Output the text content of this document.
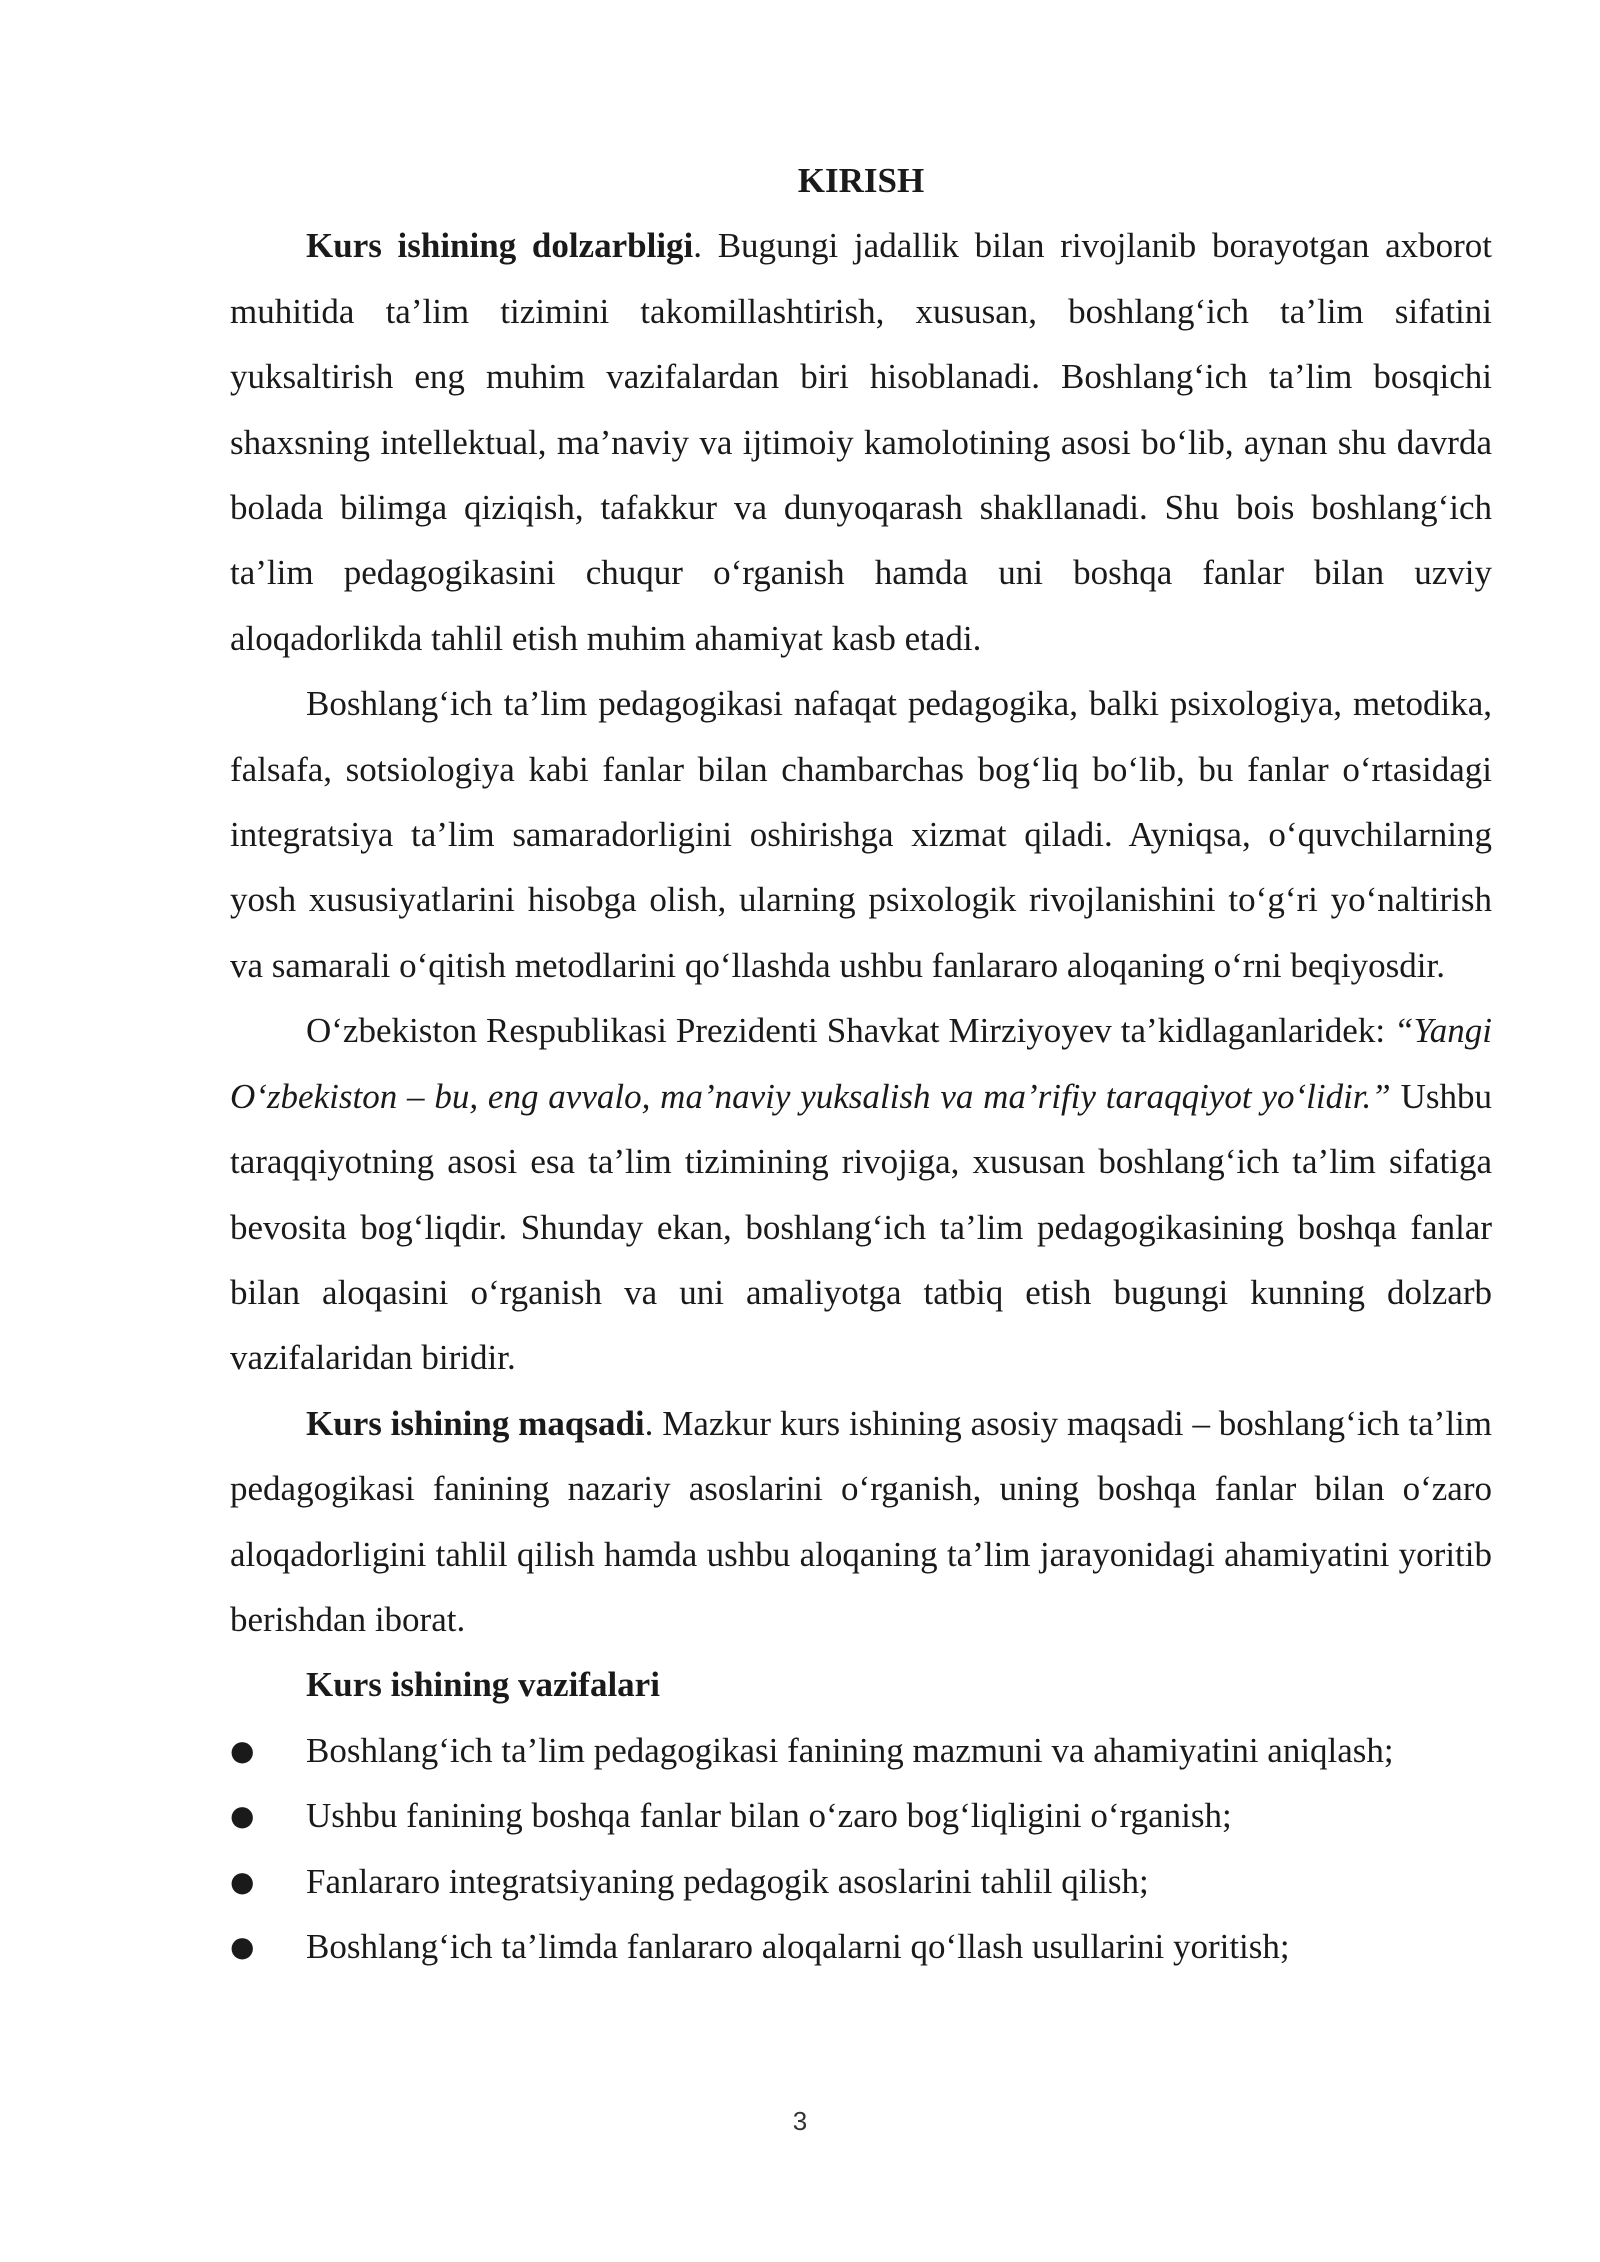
KIRISH

Kurs ishining dolzarbligi. Bugungi jadallik bilan rivojlanib borayotgan axborot muhitida ta’lim tizimini takomillashtirish, xususan, boshlang‘ich ta’lim sifatini yuksaltirish eng muhim vazifalardan biri hisoblanadi. Boshlang‘ich ta’lim bosqichi shaxsning intellektual, ma’naviy va ijtimoiy kamolotining asosi bo‘lib, aynan shu davrda bolada bilimga qiziqish, tafakkur va dunyoqarash shakllanadi. Shu bois boshlang‘ich ta’lim pedagogikasini chuqur o‘rganish hamda uni boshqa fanlar bilan uzviy aloqadorlikda tahlil etish muhim ahamiyat kasb etadi.

Boshlang‘ich ta’lim pedagogikasi nafaqat pedagogika, balki psixologiya, metodika, falsafa, sotsiologiya kabi fanlar bilan chambarchas bog‘liq bo‘lib, bu fanlar o‘rtasidagi integratsiya ta’lim samaradorligini oshirishga xizmat qiladi. Ayniqsa, o‘quvchilarning yosh xususiyatlarini hisobga olish, ularning psixologik rivojlanishini to‘g‘ri yo‘naltirish va samarali o‘qitish metodlarini qo‘llashda ushbu fanlararo aloqaning o‘rni beqiyosdir.

O‘zbekiston Respublikasi Prezidenti Shavkat Mirziyoyev ta’kidlaganlaridek: “Yangi O‘zbekiston – bu, eng avvalo, ma’naviy yuksalish va ma’rifiy taraqqiyot yo‘lidir.” Ushbu taraqqiyotning asosi esa ta’lim tizimining rivojiga, xususan boshlang‘ich ta’lim sifatiga bevosita bog‘liqdir. Shunday ekan, boshlang‘ich ta’lim pedagogikasining boshqa fanlar bilan aloqasini o‘rganish va uni amaliyotga tatbiq etish bugungi kunning dolzarb vazifalaridan biridir.

Kurs ishining maqsadi. Mazkur kurs ishining asosiy maqsadi – boshlang‘ich ta’lim pedagogikasi fanining nazariy asoslarini o‘rganish, uning boshqa fanlar bilan o‘zaro aloqadorligini tahlil qilish hamda ushbu aloqaning ta’lim jarayonidagi ahamiyatini yoritib berishdan iborat.

Kurs ishining vazifalari

●	Boshlang‘ich ta’lim pedagogikasi fanining mazmuni va ahamiyatini aniqlash;
●	Ushbu fanining boshqa fanlar bilan o‘zaro bog‘liqligini o‘rganish;
●	Fanlararo integratsiyaning pedagogik asoslarini tahlil qilish;
●	Boshlang‘ich ta’limda fanlararo aloqalarni qo‘llash usullarini yoritish;
3
